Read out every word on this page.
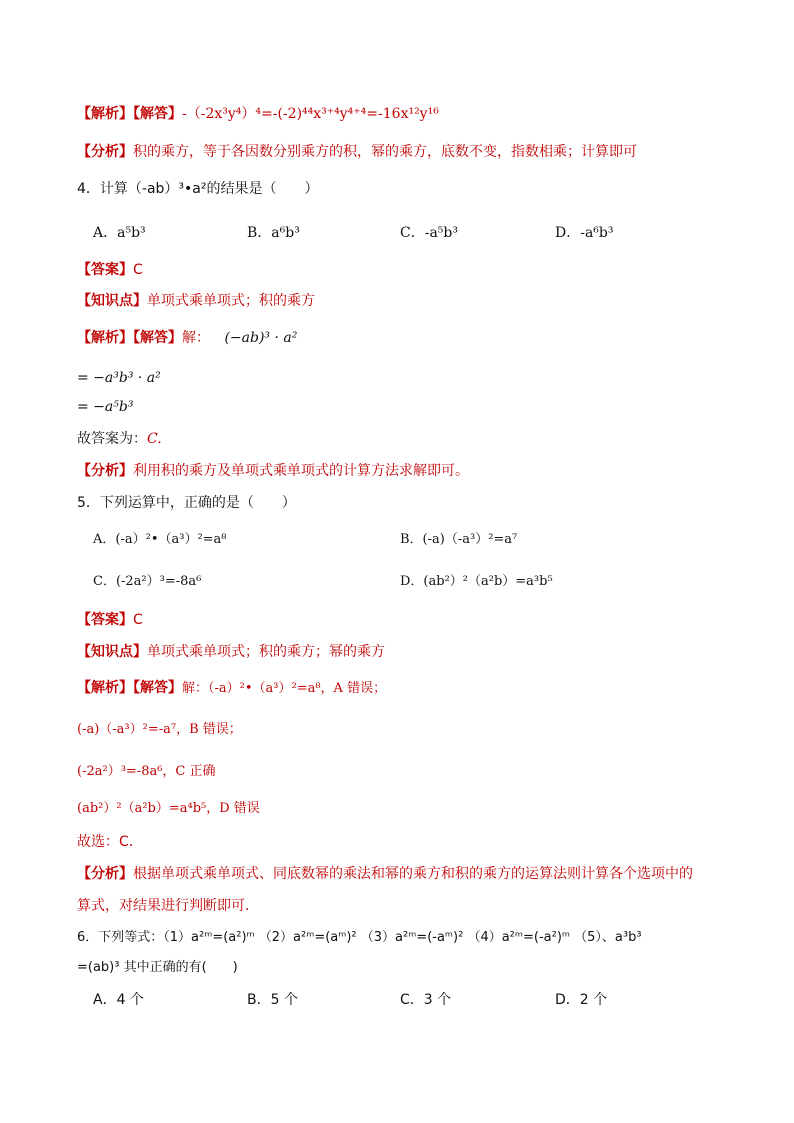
【解析】【解答】-（-2x³y⁴）⁴=-(-2)⁴⁴x³⁺⁴y⁴⁺⁴=-16x¹²y¹⁶
【分析】积的乘方，等于各因数分别乘方的积，幂的乘方，底数不变，指数相乘；计算即可
4．计算（-ab）³•a²的结果是（　　）
A．a⁵b³	B．a⁶b³	C．-a⁵b³	D．-a⁶b³
【答案】C
【知识点】单项式乘单项式；积的乘方
【解析】【解答】解： (−ab)³ · a²
= −a³b³ · a²
= −a⁵b³
故答案为：C.
【分析】利用积的乘方及单项式乘单项式的计算方法求解即可。
5．下列运算中，正确的是（　　）
A．(-a）²•（a³）²=a⁸	B．(-a)（-a³）²=a⁷
C．(-2a²）³=-8a⁶	D．(ab²）²（a²b）=a³b⁵
【答案】C
【知识点】单项式乘单项式；积的乘方；幂的乘方
【解析】【解答】解：（-a）²•（a³）²=a⁸，A 错误；
(-a)（-a³）²=-a⁷，B 错误；
(-2a²）³=-8a⁶，C 正确
(ab²）²（a²b）=a⁴b⁵，D 错误
故选：C．
【分析】根据单项式乘单项式、同底数幂的乘法和幂的乘方和积的乘方的运算法则计算各个选项中的
算式，对结果进行判断即可．
6．下列等式：（1）a²ᵐ=(a²)ᵐ （2）a²ᵐ=(aᵐ)² （3）a²ᵐ=(-aᵐ)² （4）a²ᵐ=(-a²)ᵐ （5）、a³b³
=(ab)³ 其中正确的有(　　)
A．4 个	B．5 个	C．3 个	D．2 个
